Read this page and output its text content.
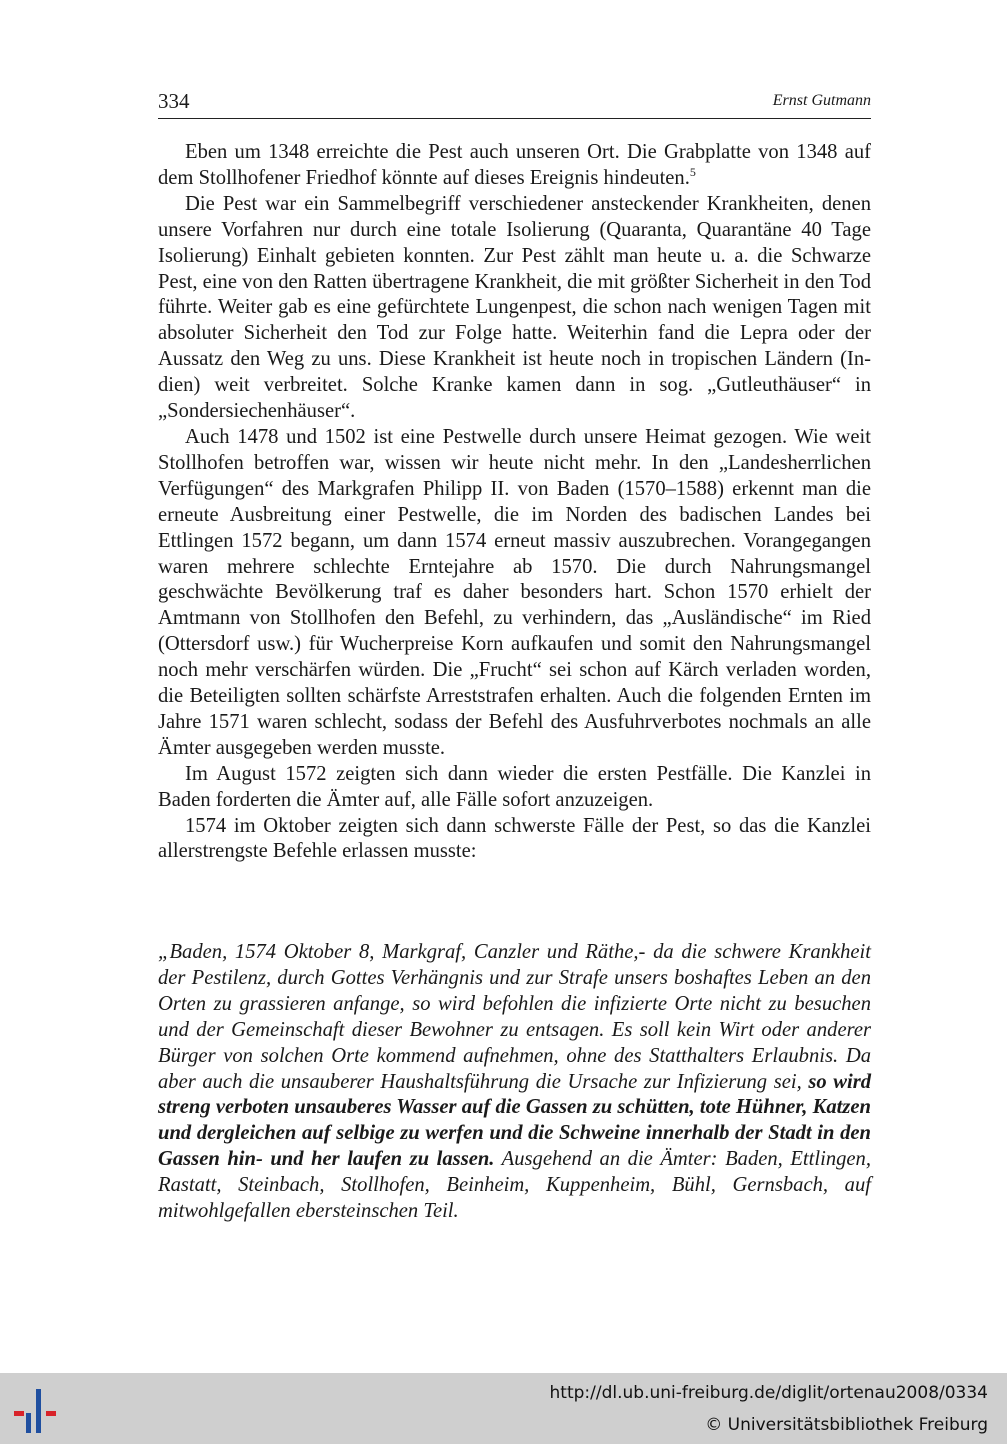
334	Ernst Gutmann

Eben um 1348 erreichte die Pest auch unseren Ort. Die Grabplatte von 1348 auf dem Stollhofener Friedhof könnte auf dieses Ereignis hindeuten.$^5$

Die Pest war ein Sammelbegriff verschiedener ansteckender Krankheiten, denen unsere Vorfahren nur durch eine totale Isolierung (Quaranta, Quarantäne 40 Tage Isolierung) Einhalt gebieten konnten. Zur Pest zählt man heute u. a. die Schwarze Pest, eine von den Ratten übertragene Krankheit, die mit größter Sicherheit in den Tod führte. Weiter gab es eine gefürchtete Lungenpest, die schon nach wenigen Tagen mit absoluter Sicherheit den Tod zur Folge hatte. Weiterhin fand die Lepra oder der Aussatz den Weg zu uns. Diese Krankheit ist heute noch in tropischen Ländern (Indien) weit verbreitet. Solche Kranke kamen dann in sog. „Gutleuthäuser“ in „Sondersiechenhäuser“.

Auch 1478 und 1502 ist eine Pestwelle durch unsere Heimat gezogen. Wie weit Stollhofen betroffen war, wissen wir heute nicht mehr. In den „Landesherrlichen Verfügungen“ des Markgrafen Philipp II. von Baden (1570–1588) erkennt man die erneute Ausbreitung einer Pestwelle, die im Norden des badischen Landes bei Ettlingen 1572 begann, um dann 1574 erneut massiv auszubrechen. Vorangegangen waren mehrere schlechte Erntejahre ab 1570. Die durch Nahrungsmangel geschwächte Bevölkerung traf es daher besonders hart. Schon 1570 erhielt der Amtmann von Stollhofen den Befehl, zu verhindern, das „Ausländische“ im Ried (Ottersdorf usw.) für Wucherpreise Korn aufkaufen und somit den Nahrungsmangel noch mehr verschärfen würden. Die „Frucht“ sei schon auf Kärch verladen worden, die Beteiligten sollten schärfste Arreststrafen erhalten. Auch die folgenden Ernten im Jahre 1571 waren schlecht, sodass der Befehl des Ausfuhrverbotes nochmals an alle Ämter ausgegeben werden musste.

Im August 1572 zeigten sich dann wieder die ersten Pestfälle. Die Kanzlei in Baden forderten die Ämter auf, alle Fälle sofort anzuzeigen.

1574 im Oktober zeigten sich dann schwerste Fälle der Pest, so das die Kanzlei allerstrengste Befehle erlassen musste:

„Baden, 1574 Oktober 8, Markgraf, Canzler und Räthe,- da die schwere Krankheit der Pestilenz, durch Gottes Verhängnis und zur Strafe unsers boshaftes Leben an den Orten zu grassieren anfange, so wird befohlen die infizierte Orte nicht zu besuchen und der Gemeinschaft dieser Bewohner zu entsagen. Es soll kein Wirt oder anderer Bürger von solchen Orte kommend aufnehmen, ohne des Statthalters Erlaubnis. Da aber auch die unsauberer Haushaltsführung die Ursache zur Infizierung sei, so wird streng verboten unsauberes Wasser auf die Gassen zu schütten, tote Hühner, Katzen und dergleichen auf selbige zu werfen und die Schweine innerhalb der Stadt in den Gassen hin- und her laufen zu lassen. Ausgehend an die Ämter: Baden, Ettlingen, Rastatt, Steinbach, Stollhofen, Beinheim, Kuppenheim, Bühl, Gernsbach, auf mitwohlgefallen ebersteinschen Teil.
http://dl.ub.uni-freiburg.de/diglit/ortenau2008/0334
© Universitätsbibliothek Freiburg
